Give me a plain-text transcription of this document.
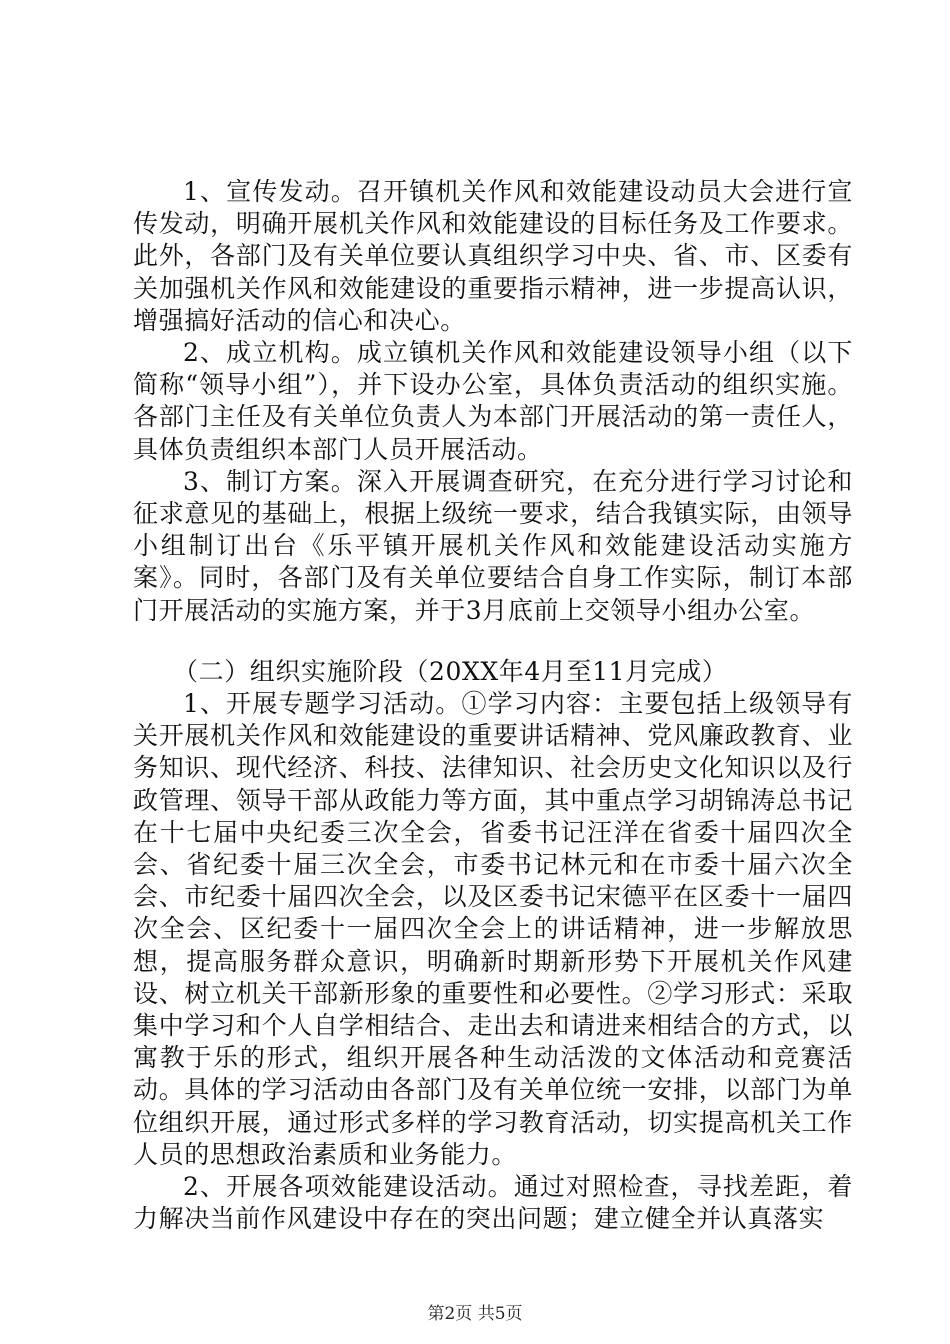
1、宣传发动。召开镇机关作风和效能建设动员大会进行宣传发动，明确开展机关作风和效能建设的目标任务及工作要求。此外，各部门及有关单位要认真组织学习中央、省、市、区委有关加强机关作风和效能建设的重要指示精神，进一步提高认识，增强搞好活动的信心和决心。

2、成立机构。成立镇机关作风和效能建设领导小组（以下简称“领导小组”），并下设办公室，具体负责活动的组织实施。各部门主任及有关单位负责人为本部门开展活动的第一责任人，具体负责组织本部门人员开展活动。

3、制订方案。深入开展调查研究，在充分进行学习讨论和征求意见的基础上，根据上级统一要求，结合我镇实际，由领导小组制订出台《乐平镇开展机关作风和效能建设活动实施方案》。同时，各部门及有关单位要结合自身工作实际，制订本部门开展活动的实施方案，并于3月底前上交领导小组办公室。

（二）组织实施阶段（20XX年4月至11月完成）

1、开展专题学习活动。①学习内容：主要包括上级领导有关开展机关作风和效能建设的重要讲话精神、党风廉政教育、业务知识、现代经济、科技、法律知识、社会历史文化知识以及行政管理、领导干部从政能力等方面，其中重点学习胡锦涛总书记在十七届中央纪委三次全会，省委书记汪洋在省委十届四次全会、省纪委十届三次全会，市委书记林元和在市委十届六次全会、市纪委十届四次全会，以及区委书记宋德平在区委十一届四次全会、区纪委十一届四次全会上的讲话精神，进一步解放思想，提高服务群众意识，明确新时期新形势下开展机关作风建设、树立机关干部新形象的重要性和必要性。②学习形式：采取集中学习和个人自学相结合、走出去和请进来相结合的方式，以寓教于乐的形式，组织开展各种生动活泼的文体活动和竞赛活动。具体的学习活动由各部门及有关单位统一安排，以部门为单位组织开展，通过形式多样的学习教育活动，切实提高机关工作人员的思想政治素质和业务能力。

2、开展各项效能建设活动。通过对照检查，寻找差距，着力解决当前作风建设中存在的突出问题；建立健全并认真落实

第2页 共5页
